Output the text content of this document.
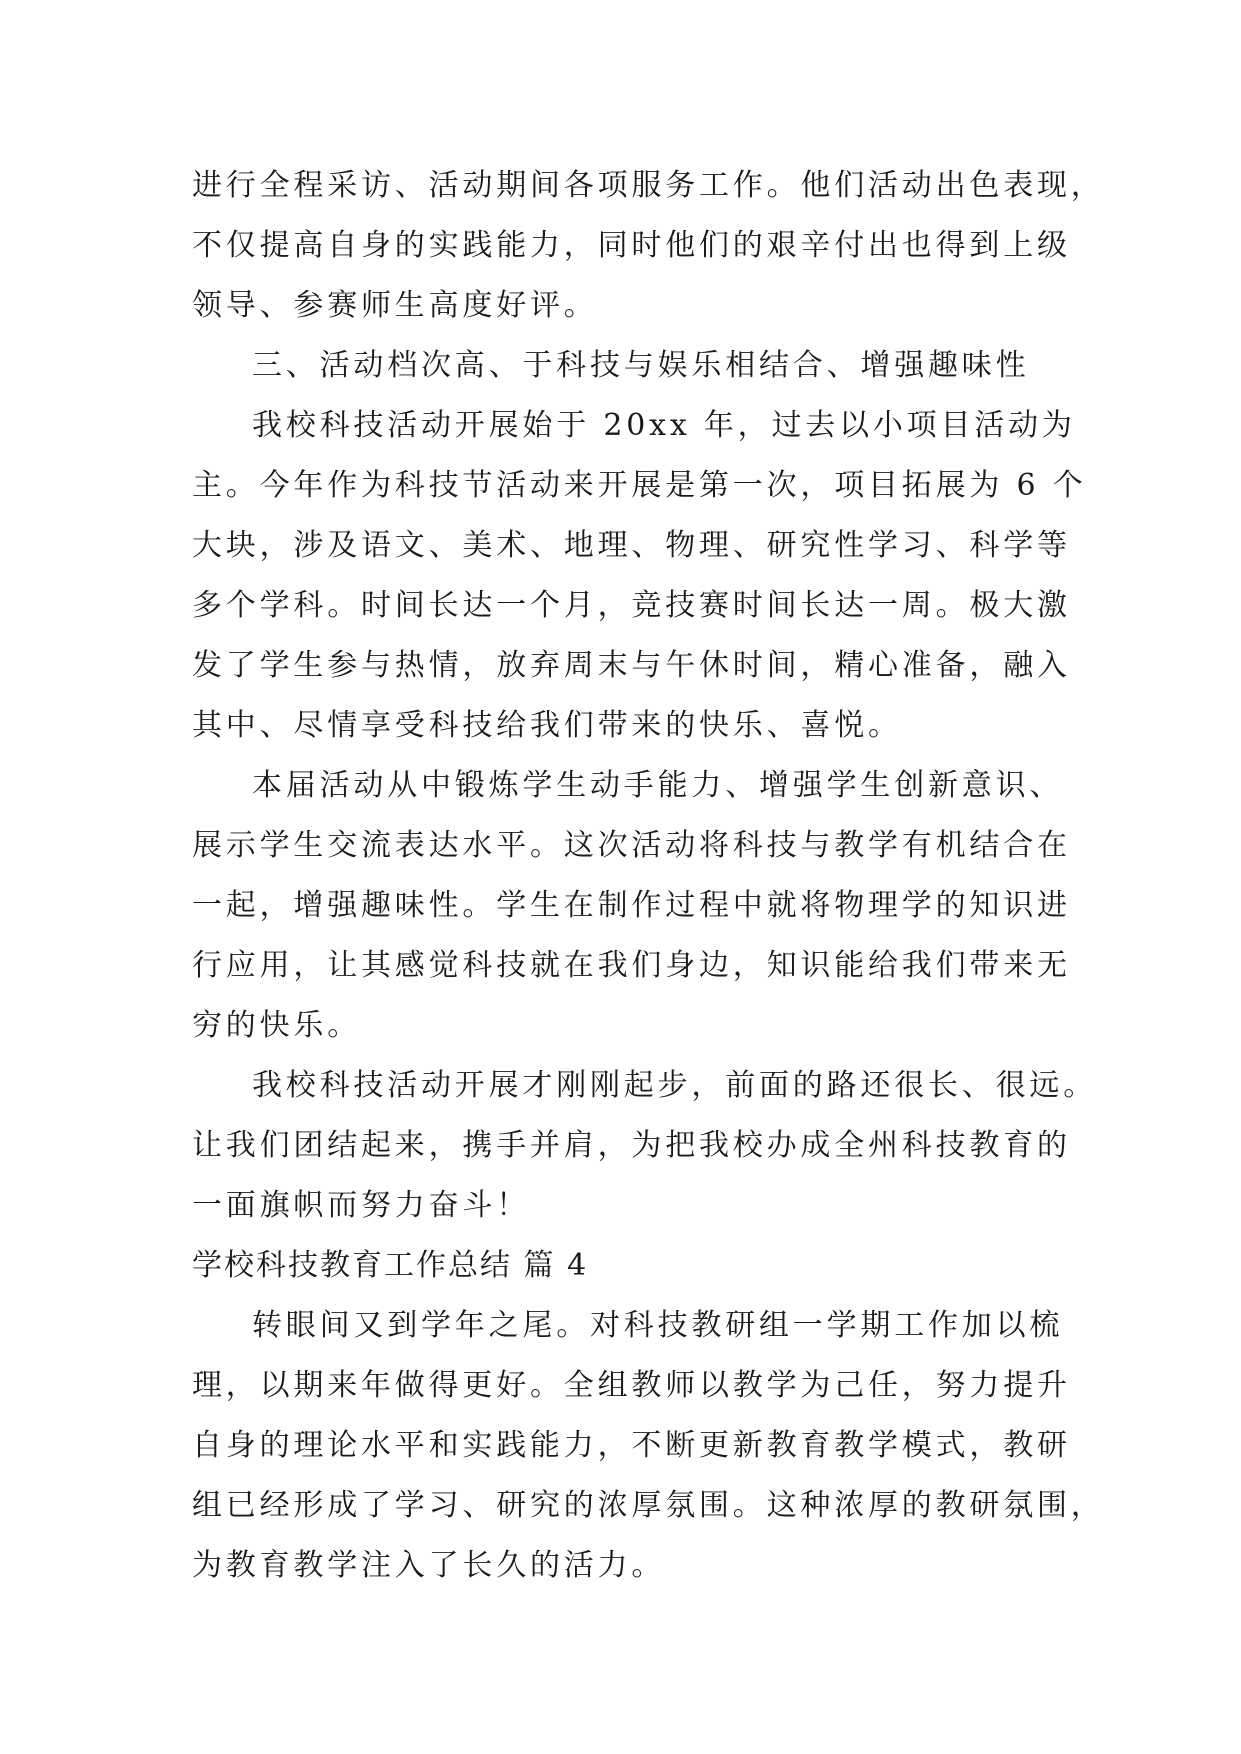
进行全程采访、活动期间各项服务工作。他们活动出色表现，
不仅提高自身的实践能力，同时他们的艰辛付出也得到上级
领导、参赛师生高度好评。
三、活动档次高、于科技与娱乐相结合、增强趣味性
我校科技活动开展始于 20xx 年，过去以小项目活动为
主。今年作为科技节活动来开展是第一次，项目拓展为 6 个
大块，涉及语文、美术、地理、物理、研究性学习、科学等
多个学科。时间长达一个月，竞技赛时间长达一周。极大激
发了学生参与热情，放弃周末与午休时间，精心准备，融入
其中、尽情享受科技给我们带来的快乐、喜悦。
本届活动从中锻炼学生动手能力、增强学生创新意识、
展示学生交流表达水平。这次活动将科技与教学有机结合在
一起，增强趣味性。学生在制作过程中就将物理学的知识进
行应用，让其感觉科技就在我们身边，知识能给我们带来无
穷的快乐。
我校科技活动开展才刚刚起步，前面的路还很长、很远。
让我们团结起来，携手并肩，为把我校办成全州科技教育的
一面旗帜而努力奋斗！
学校科技教育工作总结 篇 4
转眼间又到学年之尾。对科技教研组一学期工作加以梳
理，以期来年做得更好。全组教师以教学为己任，努力提升
自身的理论水平和实践能力，不断更新教育教学模式，教研
组已经形成了学习、研究的浓厚氛围。这种浓厚的教研氛围，
为教育教学注入了长久的活力。
